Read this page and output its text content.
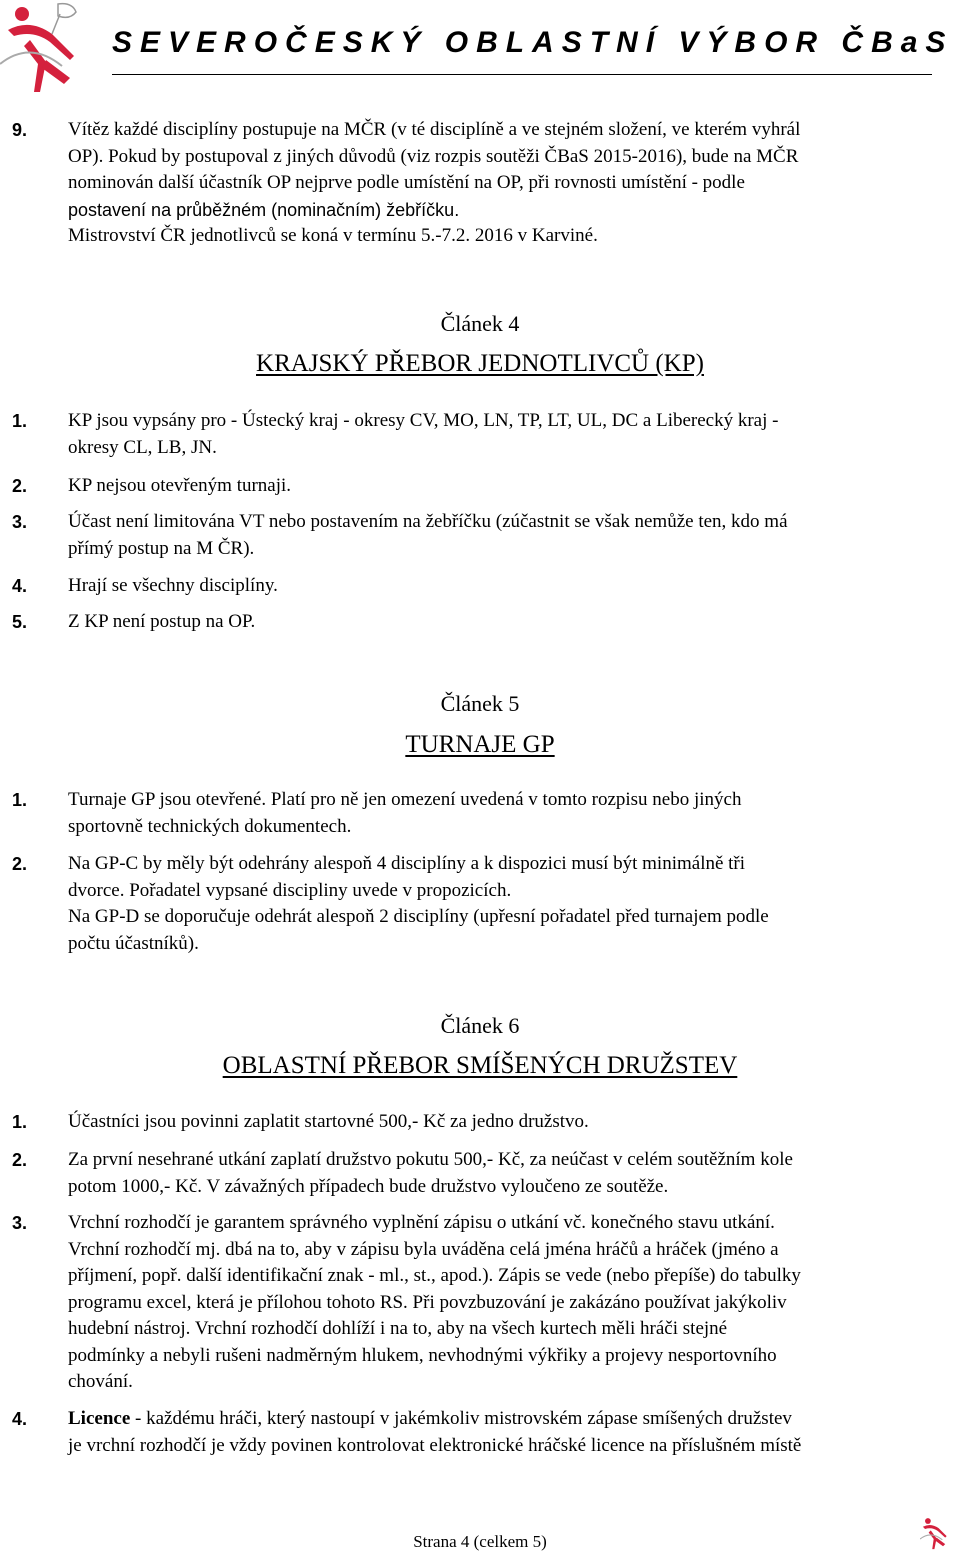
SEVEROČESKÝ OBLASTNÍ VÝBOR ČBaS
9. Vítěz každé disciplíny postupuje na MČR (v té disciplíně a ve stejném složení, ve kterém vyhrál
OP). Pokud by postupoval z jiných důvodů (viz rozpis soutěži ČBaS 2015-2016), bude na MČR
nominován další účastník OP nejprve podle umístění na OP, při rovnosti umístění - podle
postavení na průběžném (nominačním) žebříčku.
Mistrovství ČR jednotlivců se koná v termínu 5.-7.2. 2016 v Karviné.
Článek 4
KRAJSKÝ PŘEBOR JEDNOTLIVCŮ (KP)
1. KP jsou vypsány pro - Ústecký kraj - okresy CV, MO, LN, TP, LT, UL, DC a Liberecký kraj -
okresy CL, LB, JN.
2. KP nejsou otevřeným turnaji.
3. Účast není limitována VT nebo postavením na žebříčku (zúčastnit se však nemůže ten, kdo má
přímý postup na M ČR).
4. Hrají se všechny disciplíny.
5. Z KP není postup na OP.
Článek 5
TURNAJE GP
1. Turnaje GP jsou otevřené. Platí pro ně jen omezení uvedená v tomto rozpisu nebo jiných
sportovně technických dokumentech.
2. Na GP-C by měly být odehrány alespoň 4 disciplíny a k dispozici musí být minimálně tři
dvorce. Pořadatel vypsané discipliny uvede v propozicích.
Na GP-D se doporučuje odehrát alespoň 2 disciplíny (upřesní pořadatel před turnajem podle
počtu účastníků).
Článek 6
OBLASTNÍ PŘEBOR SMÍŠENÝCH DRUŽSTEV
1. Účastníci jsou povinni zaplatit startovné 500,- Kč za jedno družstvo.
2. Za první nesehrané utkání zaplatí družstvo pokutu 500,- Kč, za neúčast v celém soutěžním kole
potom 1000,- Kč. V závažných případech bude družstvo vyloučeno ze soutěže.
3. Vrchní rozhodčí je garantem správného vyplnění zápisu o utkání vč. konečného stavu utkání.
Vrchní rozhodčí mj. dbá na to, aby v zápisu byla uváděna celá jména hráčů a hráček (jméno a
příjmení, popř. další identifikační znak - ml., st., apod.). Zápis se vede (nebo přepíše) do tabulky
programu excel, která je přílohou tohoto RS. Při povzbuzování je zakázáno používat jakýkoliv
hudební nástroj. Vrchní rozhodčí dohlíží i na to, aby na všech kurtech měli hráči stejné
podmínky a nebyli rušeni nadměrným hlukem, nevhodnými výkřiky a projevy nesportovního
chování.
4. Licence - každému hráči, který nastoupí v jakémkoliv mistrovském zápase smíšených družstev
je vrchní rozhodčí je vždy povinen kontrolovat elektronické hráčské licence na příslušném místě
Strana 4 (celkem 5)
